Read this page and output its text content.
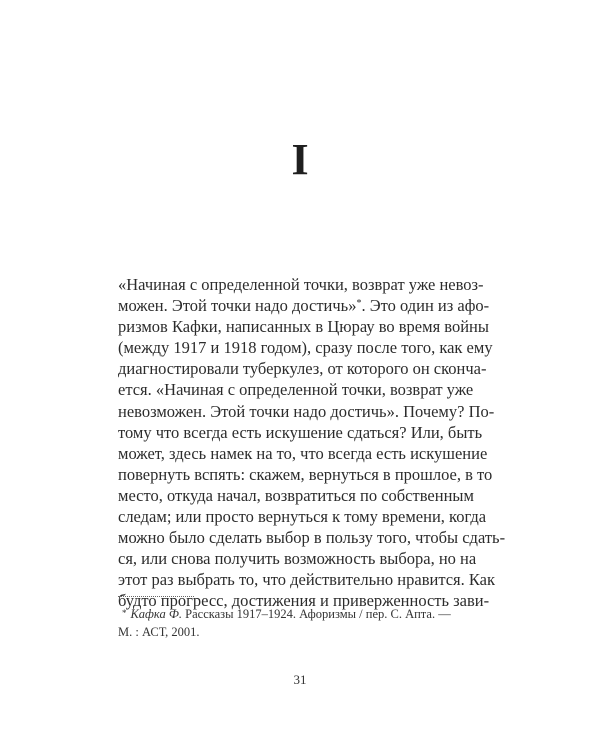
I
«Начиная с определенной точки, возврат уже невоз-
можен. Этой точки надо достичь»*. Это один из афо-
ризмов Кафки, написанных в Цюрау во время войны
(между 1917 и 1918 годом), сразу после того, как ему
диагностировали туберкулез, от которого он сконча-
ется. «Начиная с определенной точки, возврат уже
невозможен. Этой точки надо достичь». Почему? По-
тому что всегда есть искушение сдаться? Или, быть
может, здесь намек на то, что всегда есть искушение
повернуть вспять: скажем, вернуться в прошлое, в то
место, откуда начал, возвратиться по собственным
следам; или просто вернуться к тому времени, когда
можно было сделать выбор в пользу того, чтобы сдать-
ся, или снова получить возможность выбора, но на
этот раз выбрать то, что действительно нравится. Как
будто прогресс, достижения и приверженность зави-
* Кафка Ф. Рассказы 1917–1924. Афоризмы / пер. С. Апта. —
М. : АСТ, 2001.
31
